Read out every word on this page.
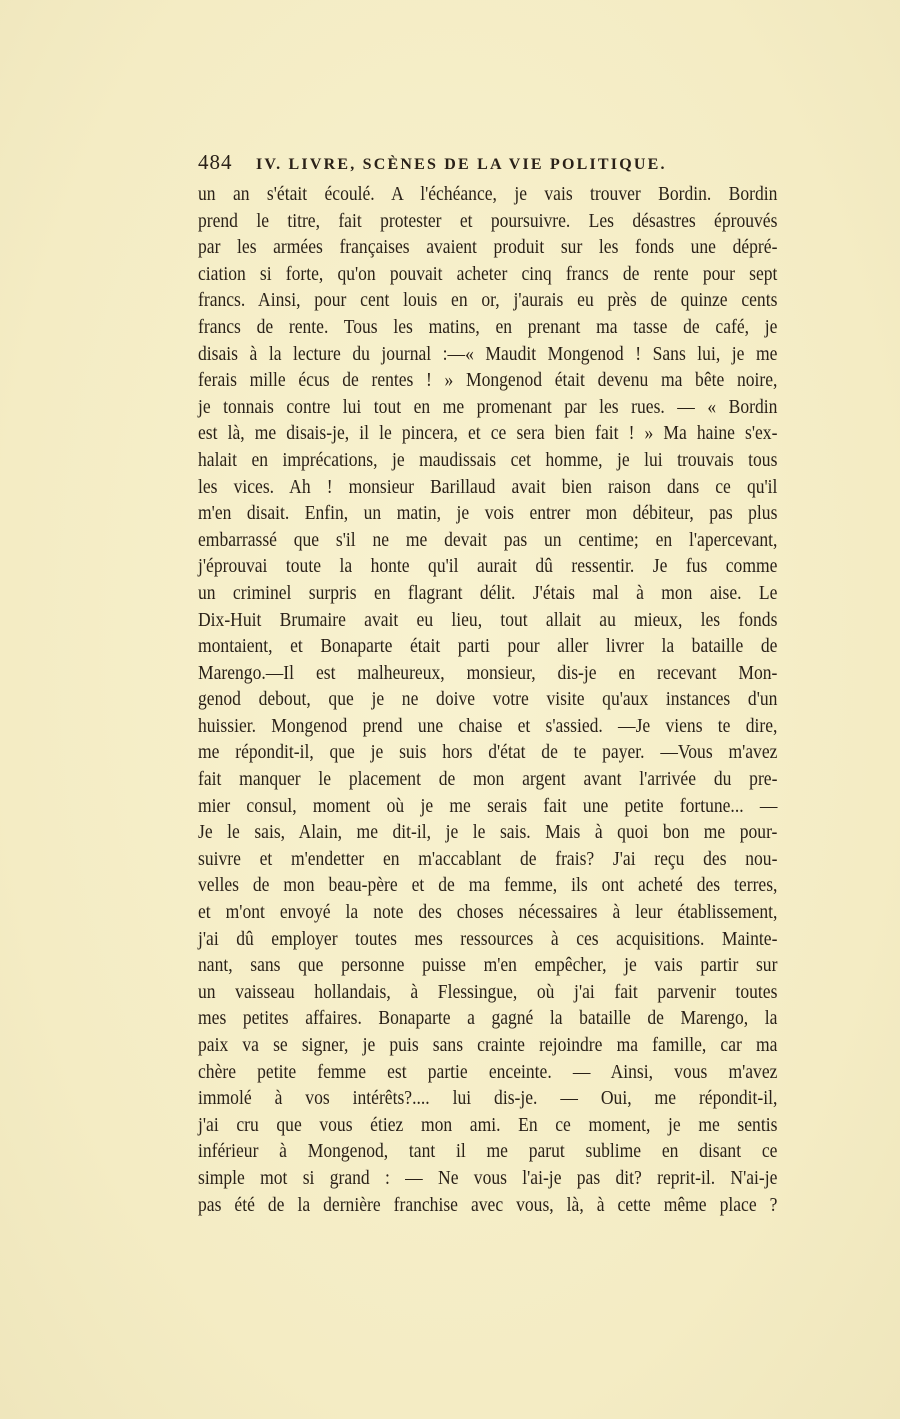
484	IV. LIVRE, SCÈNES DE LA VIE POLITIQUE.
un an s'était écoulé. A l'échéance, je vais trouver Bordin. Bordin
prend le titre, fait protester et poursuivre. Les désastres éprouvés
par les armées françaises avaient produit sur les fonds une dépré-
ciation si forte, qu'on pouvait acheter cinq francs de rente pour sept
francs. Ainsi, pour cent louis en or, j'aurais eu près de quinze cents
francs de rente. Tous les matins, en prenant ma tasse de café, je
disais à la lecture du journal :—« Maudit Mongenod ! Sans lui, je me
ferais mille écus de rentes ! » Mongenod était devenu ma bête noire,
je tonnais contre lui tout en me promenant par les rues. — « Bordin
est là, me disais-je, il le pincera, et ce sera bien fait ! » Ma haine s'ex-
halait en imprécations, je maudissais cet homme, je lui trouvais tous
les vices. Ah ! monsieur Barillaud avait bien raison dans ce qu'il
m'en disait. Enfin, un matin, je vois entrer mon débiteur, pas plus
embarrassé que s'il ne me devait pas un centime; en l'apercevant,
j'éprouvai toute la honte qu'il aurait dû ressentir. Je fus comme
un criminel surpris en flagrant délit. J'étais mal à mon aise. Le
Dix-Huit Brumaire avait eu lieu, tout allait au mieux, les fonds
montaient, et Bonaparte était parti pour aller livrer la bataille de
Marengo.—Il est malheureux, monsieur, dis-je en recevant Mon-
genod debout, que je ne doive votre visite qu'aux instances d'un
huissier. Mongenod prend une chaise et s'assied. —Je viens te dire,
me répondit-il, que je suis hors d'état de te payer. —Vous m'avez
fait manquer le placement de mon argent avant l'arrivée du pre-
mier consul, moment où je me serais fait une petite fortune... —
Je le sais, Alain, me dit-il, je le sais. Mais à quoi bon me pour-
suivre et m'endetter en m'accablant de frais? J'ai reçu des nou-
velles de mon beau-père et de ma femme, ils ont acheté des terres,
et m'ont envoyé la note des choses nécessaires à leur établissement,
j'ai dû employer toutes mes ressources à ces acquisitions. Mainte-
nant, sans que personne puisse m'en empêcher, je vais partir sur
un vaisseau hollandais, à Flessingue, où j'ai fait parvenir toutes
mes petites affaires. Bonaparte a gagné la bataille de Marengo, la
paix va se signer, je puis sans crainte rejoindre ma famille, car ma
chère petite femme est partie enceinte. — Ainsi, vous m'avez
immolé à vos intérêts?.... lui dis-je. — Oui, me répondit-il,
j'ai cru que vous étiez mon ami. En ce moment, je me sentis
inférieur à Mongenod, tant il me parut sublime en disant ce
simple mot si grand : — Ne vous l'ai-je pas dit? reprit-il. N'ai-je
pas été de la dernière franchise avec vous, là, à cette même place ?
